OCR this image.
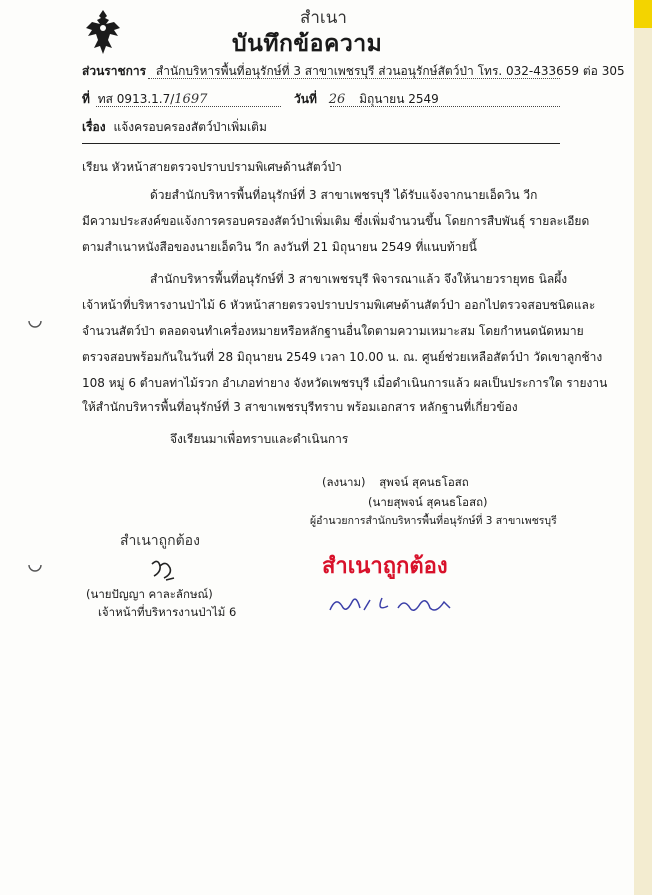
สำเนา
บันทึกข้อความ
ส่วนราชการ สำนักบริหารพื้นที่อนุรักษ์ที่ 3 สาขาเพชรบุรี ส่วนอนุรักษ์สัตว์ป่า โทร. 032-433659 ต่อ 305
ที่ ทส 0913.1.7/1697	วันที่ 26 มิถุนายน 2549
เรื่อง แจ้งครอบครองสัตว์ป่าเพิ่มเติม
เรียน หัวหน้าสายตรวจปราบปรามพิเศษด้านสัตว์ป่า
ด้วยสำนักบริหารพื้นที่อนุรักษ์ที่ 3 สาขาเพชรบุรี ได้รับแจ้งจากนายเอ็ดวิน วีก
มีความประสงค์ขอแจ้งการครอบครองสัตว์ป่าเพิ่มเติม ซึ่งเพิ่มจำนวนขึ้น โดยการสืบพันธุ์ รายละเอียด
ตามสำเนาหนังสือของนายเอ็ดวิน วีก ลงวันที่ 21 มิถุนายน 2549 ที่แนบท้ายนี้
สำนักบริหารพื้นที่อนุรักษ์ที่ 3 สาขาเพชรบุรี พิจารณาแล้ว จึงให้นายวรายุทธ นิลผึ้ง
เจ้าหน้าที่บริหารงานป่าไม้ 6 หัวหน้าสายตรวจปราบปรามพิเศษด้านสัตว์ป่า ออกไปตรวจสอบชนิดและ
จำนวนสัตว์ป่า ตลอดจนทำเครื่องหมายหรือหลักฐานอื่นใดตามความเหมาะสม โดยกำหนดนัดหมาย
ตรวจสอบพร้อมกันในวันที่ 28 มิถุนายน 2549 เวลา 10.00 น. ณ. ศูนย์ช่วยเหลือสัตว์ป่า วัดเขาลูกช้าง
108 หมู่ 6 ตำบลท่าไม้รวก อำเภอท่ายาง จังหวัดเพชรบุรี เมื่อดำเนินการแล้ว ผลเป็นประการใด รายงาน
ให้สำนักบริหารพื้นที่อนุรักษ์ที่ 3 สาขาเพชรบุรีทราบ พร้อมเอกสาร หลักฐานที่เกี่ยวข้อง
จึงเรียนมาเพื่อทราบและดำเนินการ
(ลงนาม) สุพจน์ สุคนธโอสถ
(นายสุพจน์ สุคนธโอสถ)
ผู้อำนวยการสำนักบริหารพื้นที่อนุรักษ์ที่ 3 สาขาเพชรบุรี
สำเนาถูกต้อง
(นายปัญญา คาละลักษณ์)
เจ้าหน้าที่บริหารงานป่าไม้ 6
สำเนาถูกต้อง
